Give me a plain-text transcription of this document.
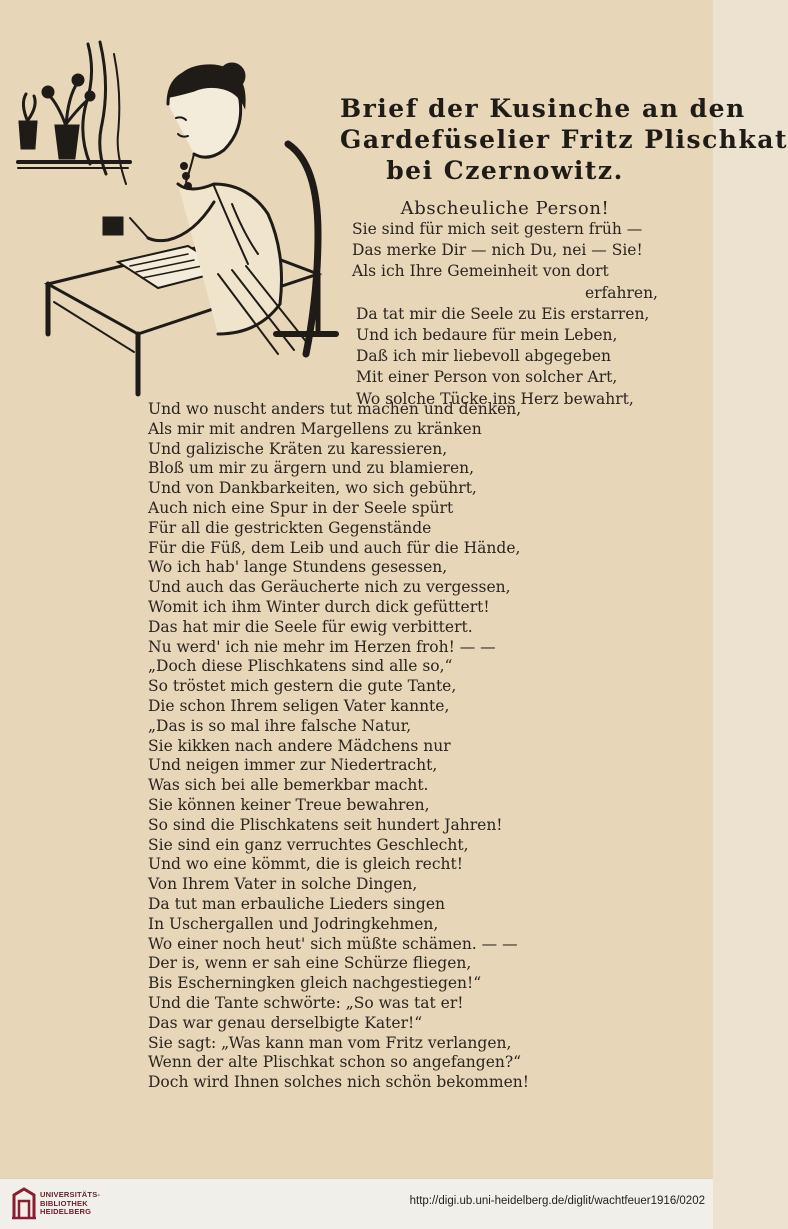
Brief der Kusinche an den
Gardefüselier Fritz Plischkat
bei Czernowitz.
Abscheuliche Person!
Sie sind für mich seit gestern früh —
Das merke Dir — nich Du, nei — Sie!
Als ich Ihre Gemeinheit von dort
erfahren,
Da tat mir die Seele zu Eis erstarren,
Und ich bedaure für mein Leben,
Daß ich mir liebevoll abgegeben
Mit einer Person von solcher Art,
Wo solche Tücke ins Herz bewahrt,
Und wo nuscht anders tut machen und denken,
Als mir mit andren Margellens zu kränken
Und galizische Kräten zu karessieren,
Bloß um mir zu ärgern und zu blamieren,
Und von Dankbarkeiten, wo sich gebührt,
Auch nich eine Spur in der Seele spürt
Für all die gestrickten Gegenstände
Für die Füß, dem Leib und auch für die Hände,
Wo ich hab' lange Stundens gesessen,
Und auch das Geräucherte nich zu vergessen,
Womit ich ihm Winter durch dick gefüttert!
Das hat mir die Seele für ewig verbittert.
Nu werd' ich nie mehr im Herzen froh! — —
„Doch diese Plischkatens sind alle so,“
So tröstet mich gestern die gute Tante,
Die schon Ihrem seligen Vater kannte,
„Das is so mal ihre falsche Natur,
Sie kikken nach andere Mädchens nur
Und neigen immer zur Niedertracht,
Was sich bei alle bemerkbar macht.
Sie können keiner Treue bewahren,
So sind die Plischkatens seit hundert Jahren!
Sie sind ein ganz verruchtes Geschlecht,
Und wo eine kömmt, die is gleich recht!
Von Ihrem Vater in solche Dingen,
Da tut man erbauliche Lieders singen
In Uschergallen und Jodringkehmen,
Wo einer noch heut' sich müßte schämen. — —
Der is, wenn er sah eine Schürze fliegen,
Bis Escherningken gleich nachgestiegen!“
Und die Tante schwörte: „So was tat er!
Das war genau derselbigte Kater!“
Sie sagt: „Was kann man vom Fritz verlangen,
Wenn der alte Plischkat schon so angefangen?“
Doch wird Ihnen solches nich schön bekommen!
UNIVERSITÄTS-
BIBLIOTHEK
HEIDELBERG
http://digi.ub.uni-heidelberg.de/diglit/wachtfeuer1916/0202
